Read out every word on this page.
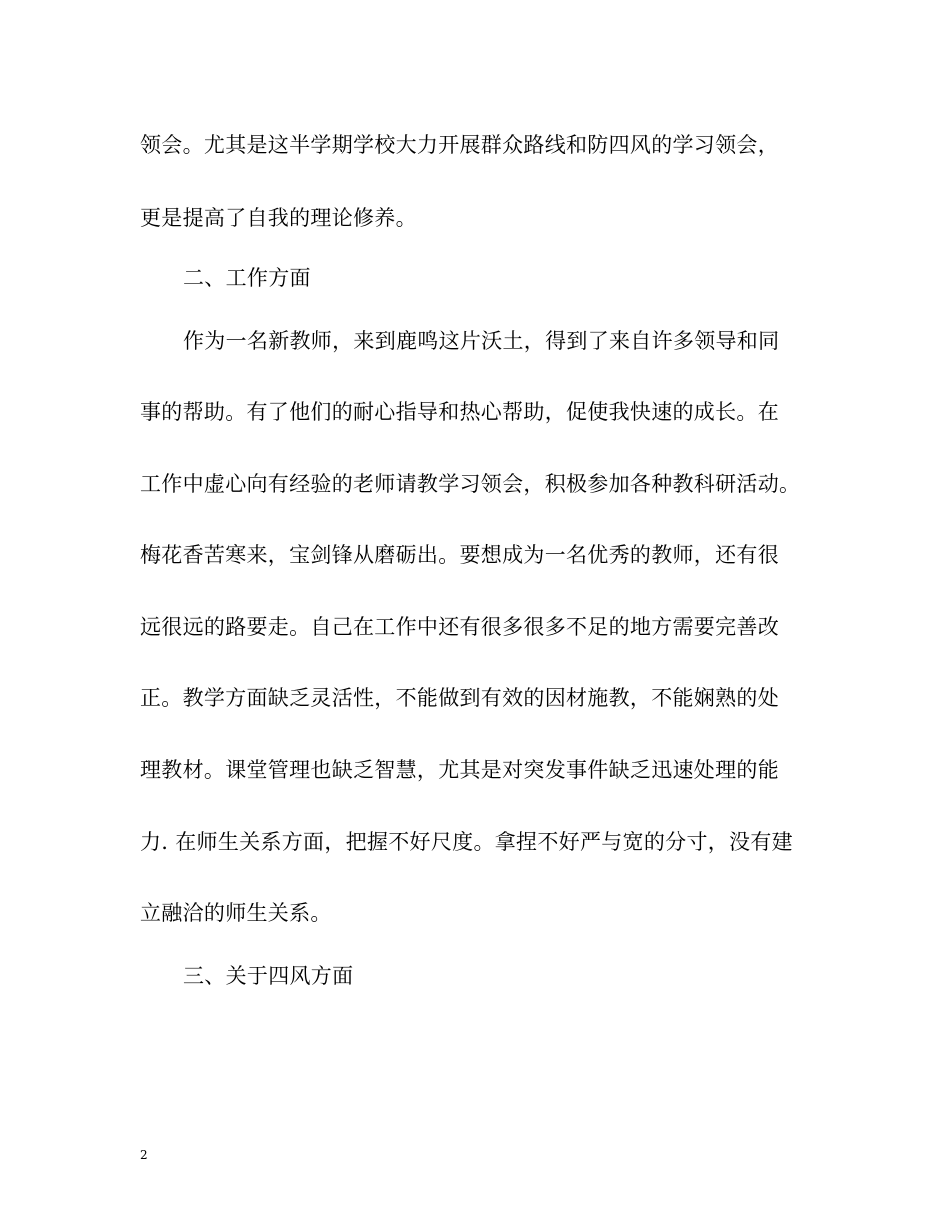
领会。尤其是这半学期学校大力开展群众路线和防四风的学习领会，
更是提高了自我的理论修养。
二、工作方面
作为一名新教师，来到鹿鸣这片沃土，得到了来自许多领导和同
事的帮助。有了他们的耐心指导和热心帮助，促使我快速的成长。在
工作中虚心向有经验的老师请教学习领会，积极参加各种教科研活动。
梅花香苦寒来，宝剑锋从磨砺出。要想成为一名优秀的教师，还有很
远很远的路要走。自己在工作中还有很多很多不足的地方需要完善改
正。教学方面缺乏灵活性，不能做到有效的因材施教，不能娴熟的处
理教材。课堂管理也缺乏智慧，尤其是对突发事件缺乏迅速处理的能
力. 在师生关系方面，把握不好尺度。拿捏不好严与宽的分寸，没有建
立融洽的师生关系。
三、关于四风方面
2
